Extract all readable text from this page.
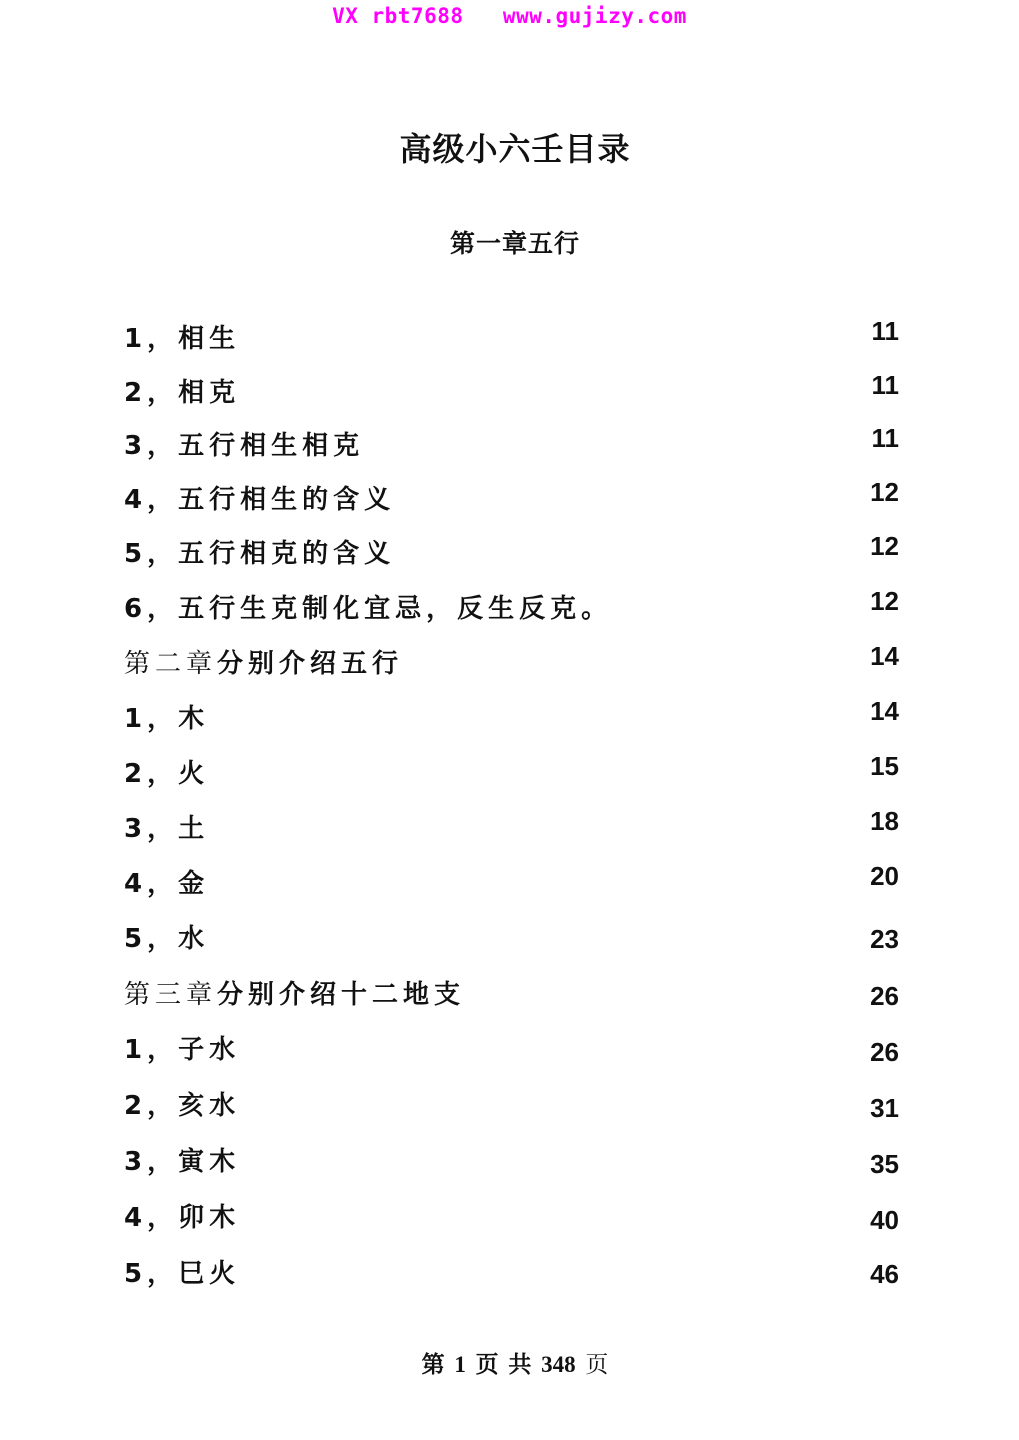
VX rbt7688   www.gujizy.com
高级小六壬目录
第一章五行
1，相生	11
2，相克	11
3，五行相生相克	11
4，五行相生的含义	12
5，五行相克的含义	12
6，五行生克制化宜忌，反生反克。	12
第二章分别介绍五行	14
1，木	14
2，火	15
3，土	18
4，金	20
5，水	23
第三章分别介绍十二地支	26
1，子水	26
2，亥水	31
3，寅木	35
4，卯木	40
5，巳火	46
第 1 页 共 348 页
